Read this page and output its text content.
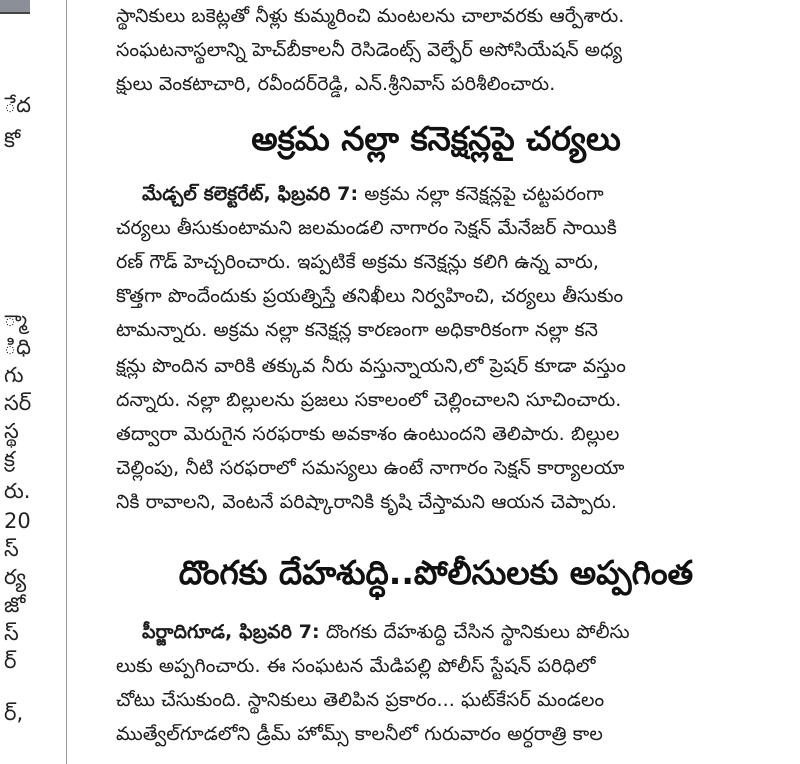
ేద
కో
్మా
ిధి
గు
సర్
స్థ
క్ర
రు.
20
స్
ర్య
జో
స్
ర్
ర్,
స్థానికులు బకెట్లతో నీళ్లు కుమ్మరించి మంటలను చాలావరకు ఆర్పేశారు.
సంఘటనాస్థలాన్ని హెచ్‌బీకాలనీ రెసిడెంట్స్ వెల్ఫేర్ అసోసియేషన్ అధ్య
క్షులు వెంకటాచారి, రవీందర్‌రెడ్డి, ఎన్.శ్రీనివాస్ పరిశీలించారు.
అక్రమ నల్లా కనెక్షన్లపై చర్యలు
మేడ్చల్ కలెక్టరేట్, ఫిబ్రవరి 7: అక్రమ నల్లా కనెక్షన్లపై చట్టపరంగా
చర్యలు తీసుకుంటామని జలమండలి నాగారం సెక్షన్ మేనేజర్ సాయికి
రణ్ గౌడ్ హెచ్చరించారు. ఇప్పటికే అక్రమ కనెక్షన్లు కలిగి ఉన్న వారు,
కొత్తగా పొందేందుకు ప్రయత్నిస్తే తనిఖీలు నిర్వహించి, చర్యలు తీసుకుం
టామన్నారు. అక్రమ నల్లా కనెక్షన్ల కారణంగా అధికారికంగా నల్లా కనె
క్షన్లు పొందిన వారికి తక్కువ నీరు వస్తున్నాయని,లో ప్రెషర్ కూడా వస్తుం
దన్నారు. నల్లా బిల్లులను ప్రజలు సకాలంలో చెల్లించాలని సూచించారు.
తద్వారా మెరుగైన సరఫరాకు అవకాశం ఉంటుందని తెలిపారు. బిల్లుల
చెల్లింపు, నీటి సరఫరాలో సమస్యలు ఉంటే నాగారం సెక్షన్ కార్యాలయా
నికి రావాలని, వెంటనే పరిష్కారానికి కృషి చేస్తామని ఆయన చెప్పారు.
దొంగకు దేహశుద్ధి..పోలీసులకు అప్పగింత
పీర్జాదిగూడ, ఫిబ్రవరి 7: దొంగకు దేహశుద్ధి చేసిన స్థానికులు పోలీసు
లుకు అప్పగించారు. ఈ సంఘటన మేడిపల్లి పోలీస్ స్టేషన్ పరిధిలో
చోటు చేసుకుంది. స్థానికులు తెలిపిన ప్రకారం... ఘట్‌కేసర్ మండలం
ముత్వేల్‌గూడలోని డ్రీమ్ హోమ్స్ కాలనీలో గురువారం అర్ధరాత్రి కాల
